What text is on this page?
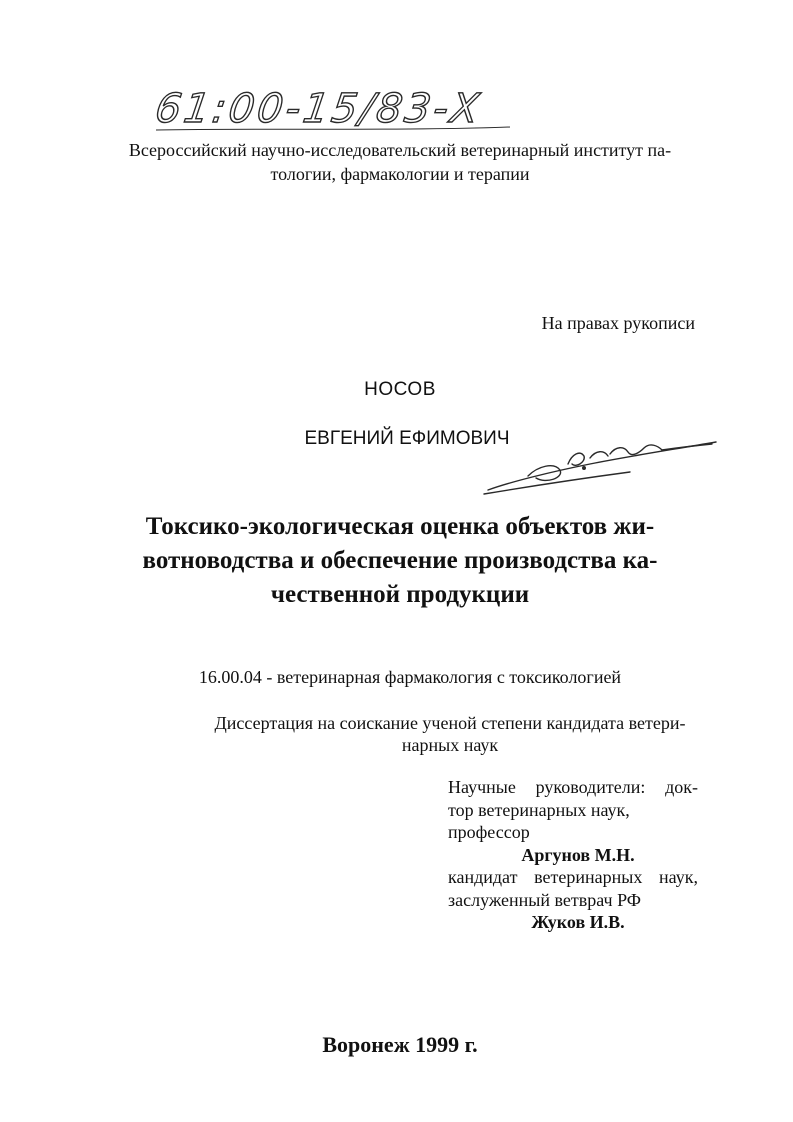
61:00-15/83-Х
Всероссийский научно-исследовательский ветеринарный институт па-
тологии, фармакологии и терапии
На правах рукописи
НОСОВ
ЕВГЕНИЙ ЕФИМОВИЧ
Токсико-экологическая оценка объектов жи-
вотноводства и обеспечение производства ка-
чественной продукции
16.00.04 - ветеринарная фармакология с токсикологией
Диссертация на соискание ученой степени кандидата ветери-
нарных наук
Научные руководители: док-
тор ветеринарных наук,
профессор
Аргунов М.Н.
кандидат ветеринарных наук,
заслуженный ветврач РФ
Жуков И.В.
Воронеж 1999 г.
